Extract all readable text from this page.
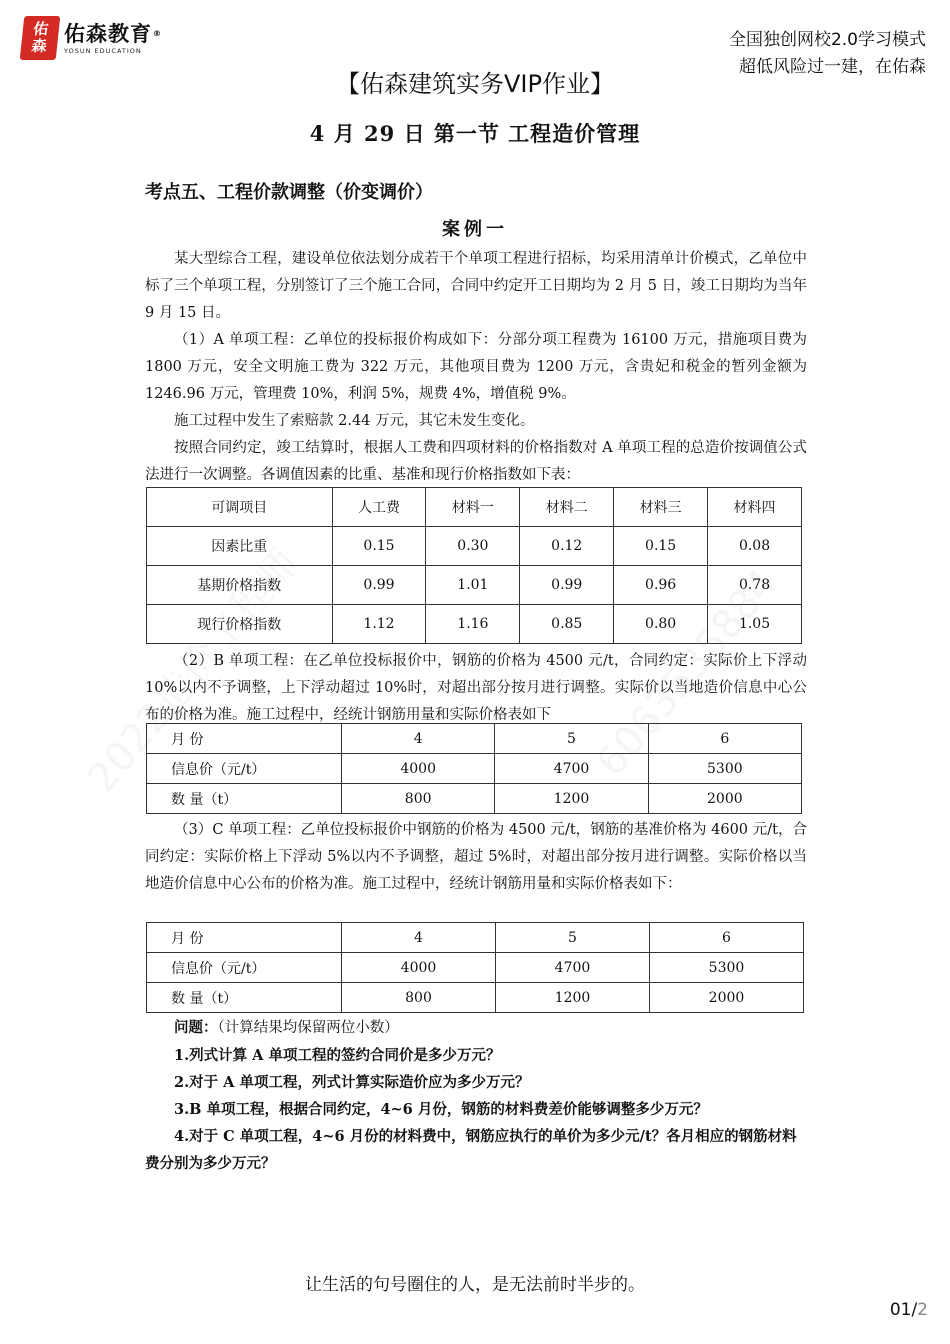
佑
森
佑森教育®
YOSUN EDUCATION
全国独创网校2.0学习模式
超低风险过一建，在佑森
【佑森建筑实务VIP作业】
4 月 29 日 第一节 工程造价管理
考点五、工程价款调整（价变调价）
案例一

某大型综合工程，建设单位依法划分成若干个单项工程进行招标，均采用清单计价模式，乙单位中标了三个单项工程，分别签订了三个施工合同，合同中约定开工日期均为 2 月 5 日，竣工日期均为当年 9 月 15 日。

（1）A 单项工程：乙单位的投标报价构成如下：分部分项工程费为 16100 万元，措施项目费为 1800 万元，安全文明施工费为 322 万元，其他项目费为 1200 万元，含贵妃和税金的暂列金额为 1246.96 万元，管理费 10%，利润 5%，规费 4%，增值税 9%。

施工过程中发生了索赔款 2.44 万元，其它未发生变化。

按照合同约定，竣工结算时，根据人工费和四项材料的价格指数对 A 单项工程的总造价按调值公式法进行一次调整。各调值因素的比重、基准和现行价格指数如下表：

可调项目	人工费	材料一	材料二	材料三	材料四
因素比重	0.15	0.30	0.12	0.15	0.08
基期价格指数	0.99	1.01	0.99	0.96	0.78
现行价格指数	1.12	1.16	0.85	0.80	1.05

（2）B 单项工程：在乙单位投标报价中，钢筋的价格为 4500 元/t，合同约定：实际价上下浮动 10%以内不予调整，上下浮动超过 10%时，对超出部分按月进行调整。实际价以当地造价信息中心公布的价格为准。施工过程中，经统计钢筋用量和实际价格表如下

月 份	4	5	6
信息价（元/t）	4000	4700	5300
数 量（t）	800	1200	2000

（3）C 单项工程：乙单位投标报价中钢筋的价格为 4500 元/t，钢筋的基准价格为 4600 元/t，合同约定：实际价格上下浮动 5%以内不予调整，超过 5%时，对超出部分按月进行调整。实际价格以当地造价信息中心公布的价格为准。施工过程中，经统计钢筋用量和实际价格表如下：

月 份	4	5	6
信息价（元/t）	4000	4700	5300
数 量（t）	800	1200	2000

问题：（计算结果均保留两位小数）

1.列式计算 A 单项工程的签约合同价是多少万元？

2.对于 A 单项工程，列式计算实际造价应为多少万元？

3.B 单项工程，根据合同约定，4~6 月份，钢筋的材料费差价能够调整多少万元？

4.对于 C 单项工程，4~6 月份的材料费中，钢筋应执行的单价为多少元/t？各月相应的钢筋材料费分别为多少万元？

让生活的句号圈住的人，是无法前时半步的。
01/2
